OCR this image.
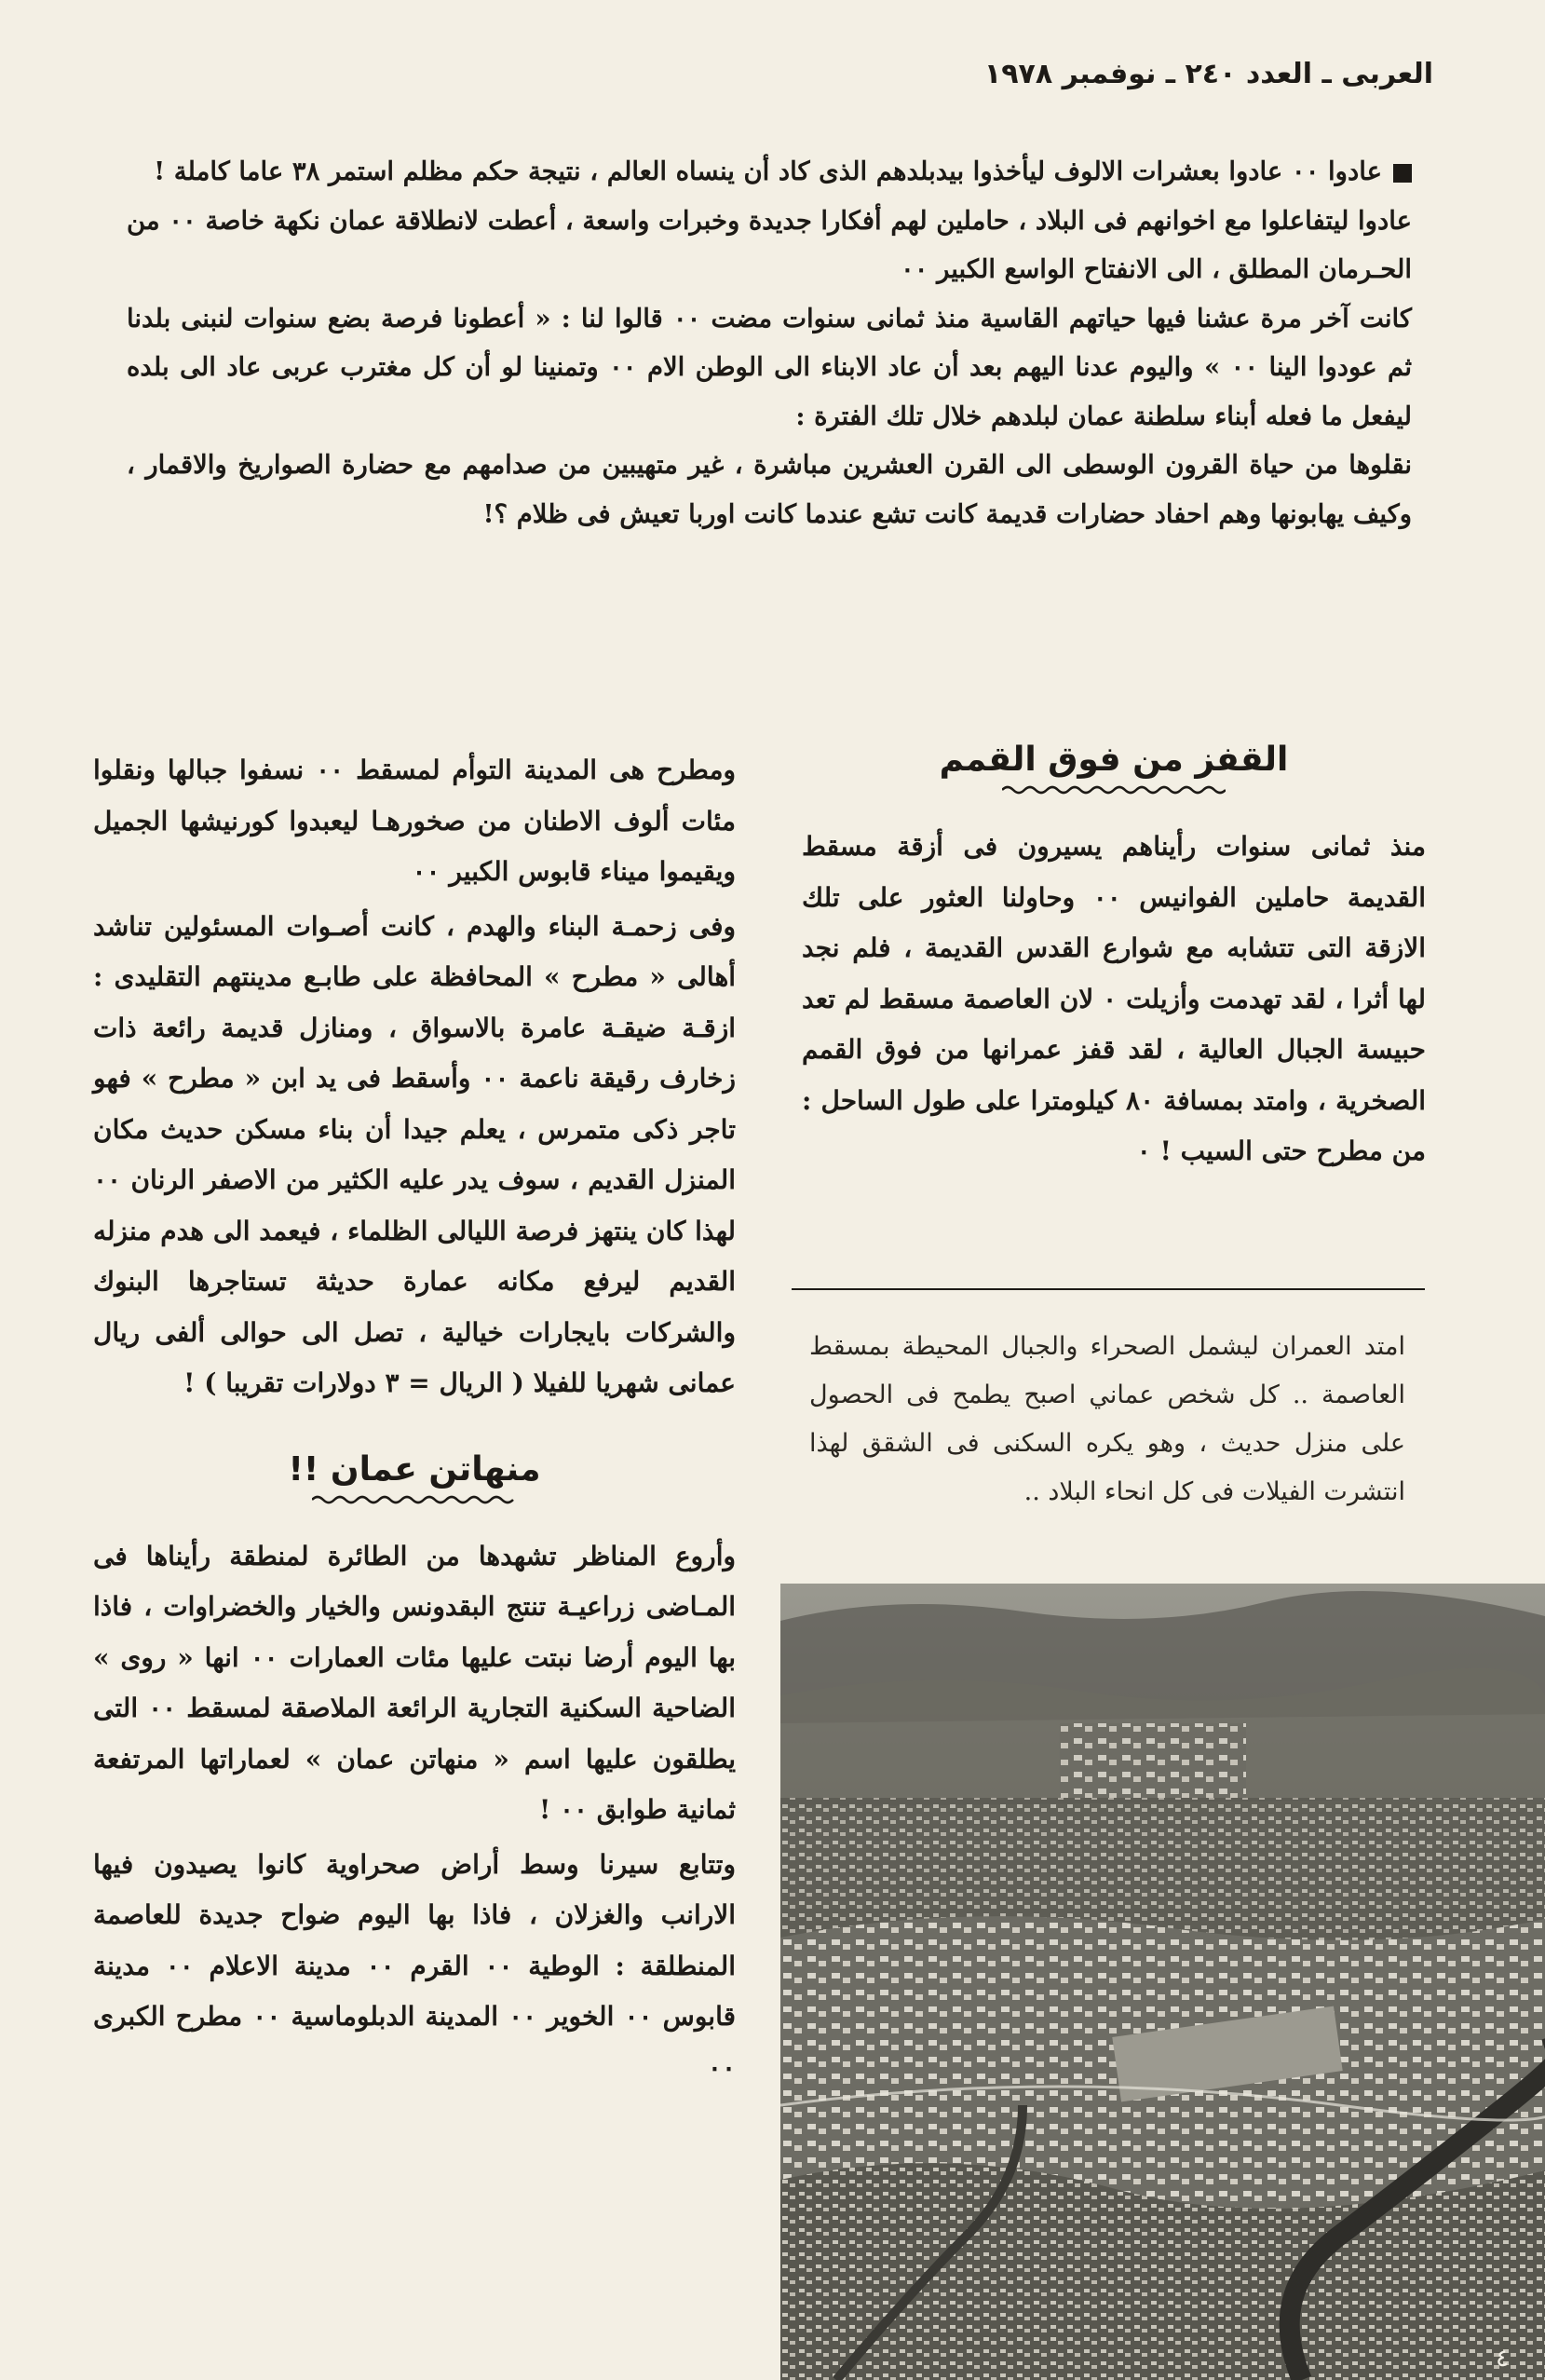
العربى ـ العدد ٢٤٠ ـ نوفمبر ١٩٧٨

عادوا ٠٠ عادوا بعشرات الالوف ليأخذوا بيدبلدهم الذى كاد أن ينساه العالم ، نتيجة حكم مظلم استمر ٣٨ عاما كاملة !

عادوا ليتفاعلوا مع اخوانهم فى البلاد ، حاملين لهم أفكارا جديدة وخبرات واسعة ، أعطت لانطلاقة عمان نكهة خاصة ٠٠ من الحـرمان المطلق ، الى الانفتاح الواسع الكبير ٠٠

كانت آخر مرة عشنا فيها حياتهم القاسية منذ ثمانى سنوات مضت ٠٠ قالوا لنا : « أعطونا فرصة بضع سنوات لنبنى بلدنا ثم عودوا الينا ٠٠ » واليوم عدنا اليهم بعد أن عاد الابناء الى الوطن الام ٠٠ وتمنينا لو أن كل مغترب عربى عاد الى بلده ليفعل ما فعله أبناء سلطنة عمان لبلدهم خلال تلك الفترة :

نقلوها من حياة القرون الوسطى الى القرن العشرين مباشرة ، غير متهيبين من صدامهم مع حضارة الصواريخ والاقمار ، وكيف يهابونها وهم احفاد حضارات قديمة كانت تشع عندما كانت اوربا تعيش فى ظلام ؟!

القفز من فوق القمم

منذ ثمانى سنوات رأيناهم يسيرون فى أزقة مسقط القديمة حاملين الفوانيس ٠٠ وحاولنا العثور على تلك الازقة التى تتشابه مع شوارع القدس القديمة ، فلم نجد لها أثرا ، لقد تهدمت وأزيلت ٠ لان العاصمة مسقط لم تعد حبيسة الجبال العالية ، لقد قفز عمرانها من فوق القمم الصخرية ، وامتد بمسافة ٨٠ كيلومترا على طول الساحل : من مطرح حتى السيب ! ٠

امتد العمران ليشمل الصحراء والجبال المحيطة بمسقط العاصمة .. كل شخص عماني اصبح يطمح فى الحصول على منزل حديث ، وهو يكره السكنى فى الشقق لهذا انتشرت الفيلات فى كل انحاء البلاد ..

ومطرح هى المدينة التوأم لمسقط ٠٠ نسفوا جبالها ونقلوا مئات ألوف الاطنان من صخورهـا ليعبدوا كورنيشها الجميل ويقيموا ميناء قابوس الكبير ٠٠

وفى زحمـة البناء والهدم ، كانت أصـوات المسئولين تناشد أهالى « مطرح » المحافظة على طابـع مدينتهم التقليدى : ازقـة ضيقـة عامرة بالاسواق ، ومنازل قديمة رائعة ذات زخارف رقيقة ناعمة ٠٠ وأسقط فى يد ابن « مطرح » فهو تاجر ذكى متمرس ، يعلم جيدا أن بناء مسكن حديث مكان المنزل القديم ، سوف يدر عليه الكثير من الاصفر الرنان ٠٠ لهذا كان ينتهز فرصة الليالى الظلماء ، فيعمد الى هدم منزله القديم ليرفع مكانه عمارة حديثة تستاجرها البنوك والشركات بايجارات خيالية ، تصل الى حوالى ألفى ريال عمانى شهريا للفيلا ( الريال = ٣ دولارات تقريبا ) !

منهاتن عمان !!

وأروع المناظر تشهدها من الطائرة لمنطقة رأيناها فى المـاضى زراعيـة تنتج البقدونس والخيار والخضراوات ، فاذا بها اليوم أرضا نبتت عليها مئات العمارات ٠٠ انها « روى » الضاحية السكنية التجارية الرائعة الملاصقة لمسقط ٠٠ التى يطلقون عليها اسم « منهاتن عمان » لعماراتها المرتفعة ثمانية طوابق ٠٠ !

وتتابع سيرنا وسط أراض صحراوية كانوا يصيدون فيها الارانب والغزلان ، فاذا بها اليوم ضواح جديدة للعاصمة المنطلقة : الوطية ٠٠ القرم ٠٠ مدينة الاعلام ٠٠ مدينة قابوس ٠٠ الخوير ٠٠ المدينة الدبلوماسية ٠٠ مطرح الكبرى ٠٠

٤
